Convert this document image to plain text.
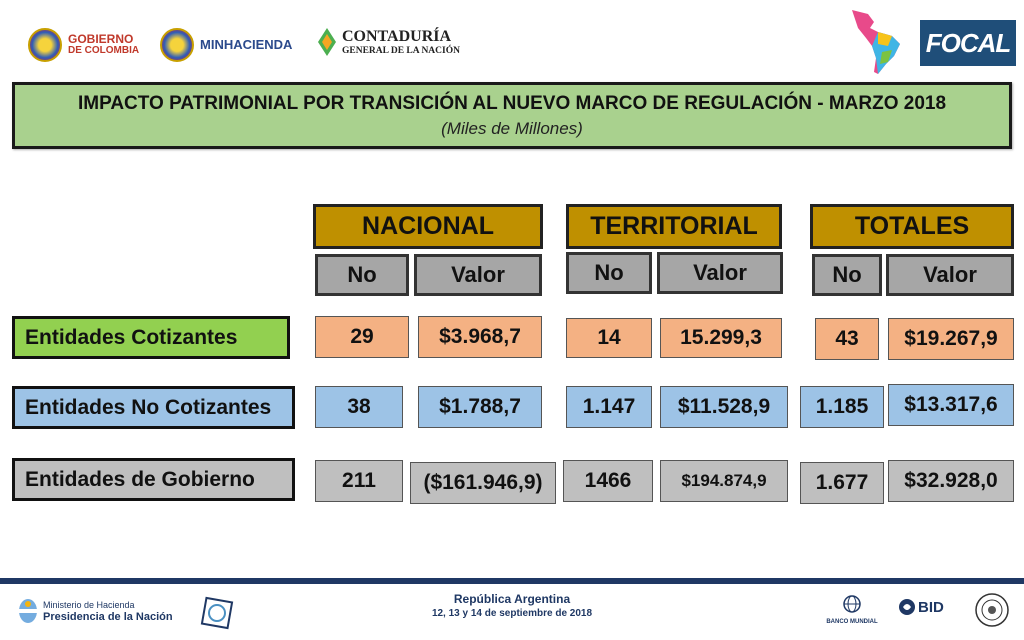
GOBIERNO
DE COLOMBIA	MINHACIENDA	CONTADURÍA
GENERAL DE LA NACIÓN	FOCAL
IMPACTO PATRIMONIAL POR TRANSICIÓN AL NUEVO MARCO DE REGULACIÓN - MARZO 2018
(Miles de Millones)
NACIONAL	TERRITORIAL	TOTALES
No	Valor	No	Valor	No	Valor
Entidades Cotizantes	29	$3.968,7	14	15.299,3	43	$19.267,9
Entidades No Cotizantes	38	$1.788,7	1.147	$11.528,9	1.185	$13.317,6
Entidades de Gobierno	211	($161.946,9)	1466	$194.874,9	1.677	$32.928,0
Ministerio de Hacienda
Presidencia de la Nación
República Argentina
12, 13 y 14 de septiembre de 2018
BANCO MUNDIAL
BID
